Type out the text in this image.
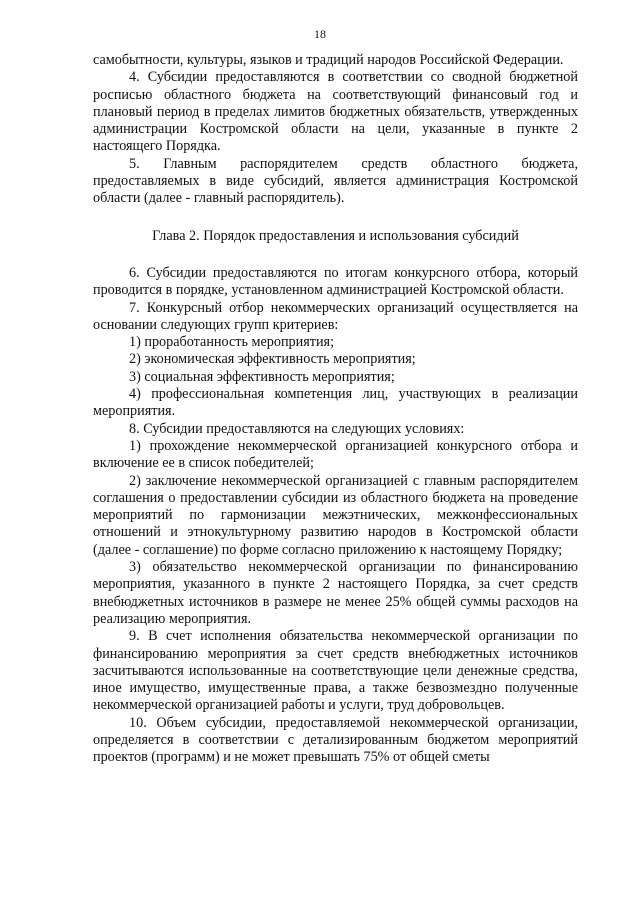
18

самобытности, культуры, языков и традиций народов Российской Федерации.

4. Субсидии предоставляются в соответствии со сводной бюджетной росписью областного бюджета на соответствующий финансовый год и плановый период в пределах лимитов бюджетных обязательств, утвержденных администрации Костромской области на цели, указанные в пункте 2 настоящего Порядка.

5. Главным распорядителем средств областного бюджета, предоставляемых в виде субсидий, является администрация Костромской области (далее - главный распорядитель).

Глава 2. Порядок предоставления и использования субсидий

6. Субсидии предоставляются по итогам конкурсного отбора, который проводится в порядке, установленном администрацией Костромской области.

7. Конкурсный отбор некоммерческих организаций осуществляется на основании следующих групп критериев:

1) проработанность мероприятия;

2) экономическая эффективность мероприятия;

3) социальная эффективность мероприятия;

4) профессиональная компетенция лиц, участвующих в реализации мероприятия.

8. Субсидии предоставляются на следующих условиях:

1) прохождение некоммерческой организацией конкурсного отбора и включение ее в список победителей;

2) заключение некоммерческой организацией с главным распорядителем соглашения о предоставлении субсидии из областного бюджета на проведение мероприятий по гармонизации межэтнических, межконфессиональных отношений и этнокультурному развитию народов в Костромской области (далее - соглашение) по форме согласно приложению к настоящему Порядку;

3) обязательство некоммерческой организации по финансированию мероприятия, указанного в пункте 2 настоящего Порядка, за счет средств внебюджетных источников в размере не менее 25% общей суммы расходов на реализацию мероприятия.

9. В счет исполнения обязательства некоммерческой организации по финансированию мероприятия за счет средств внебюджетных источников засчитываются использованные на соответствующие цели денежные средства, иное имущество, имущественные права, а также безвозмездно полученные некоммерческой организацией работы и услуги, труд добровольцев.

10. Объем субсидии, предоставляемой некоммерческой организации, определяется в соответствии с детализированным бюджетом мероприятий проектов (программ) и не может превышать 75% от общей сметы
